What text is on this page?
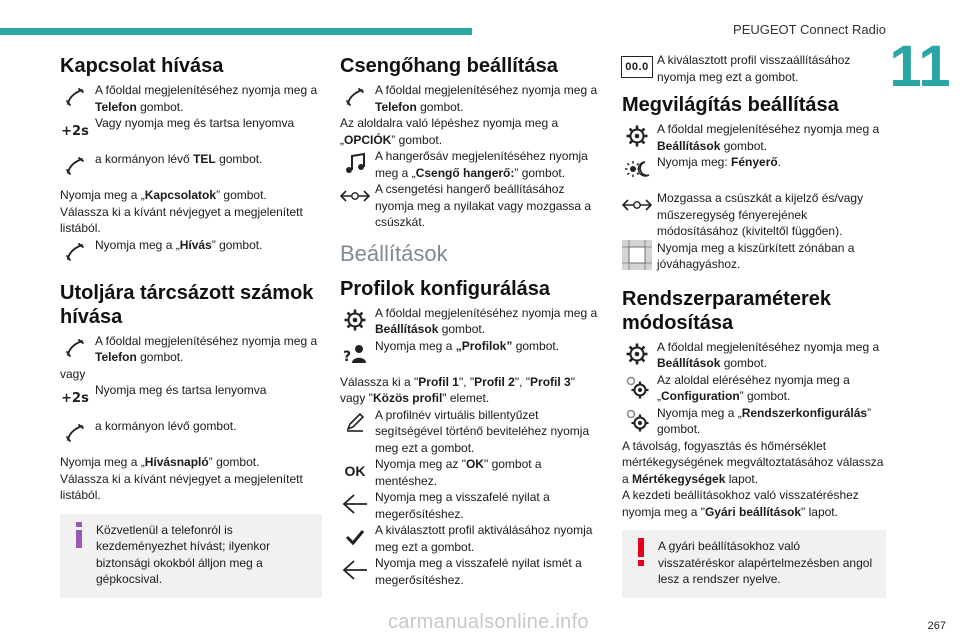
PEUGEOT Connect Radio
11
Kapcsolat hívása
A főoldal megjelenítéséhez nyomja meg a Telefon gombot.
+2s
Vagy nyomja meg és tartsa lenyomva
a kormányon lévő TEL gombot.

Nyomja meg a „Kapcsolatok” gombot.

Válassza ki a kívánt névjegyet a megjelenített listából.

Nyomja meg a „Hívás” gombot.
Utoljára tárcsázott számok hívása
A főoldal megjelenítéséhez nyomja meg a Telefon gombot.

vagy

+2s
Nyomja meg és tartsa lenyomva
a kormányon lévő gombot.

Nyomja meg a „Hívásnapló” gombot.

Válassza ki a kívánt névjegyet a megjelenített listából.

Közvetlenül a telefonról is kezdeményezhet hívást; ilyenkor biztonsági okokból álljon meg a gépkocsival.
Csengőhang beállítása
A főoldal megjelenítéséhez nyomja meg a Telefon gombot.

Az aloldalra való lépéshez nyomja meg a „OPCIÓK” gombot.

A hangerősáv megjelenítéséhez nyomja meg a „Csengő hangerő:” gombot.
A csengetési hangerő beállításához nyomja meg a nyilakat vagy mozgassa a csúszkát.
Beállítások
Profilok konfigurálása
A főoldal megjelenítéséhez nyomja meg a Beállítások gombot.
?
Nyomja meg a „Profilok” gombot.

Válassza ki a "Profil 1", "Profil 2", "Profil 3" vagy "Közös profil" elemet.

A profilnév virtuális billentyűzet segítségével történő beviteléhez nyomja meg ezt a gombot.
OK Nyomja meg az "OK" gombot a mentéshez.
Nyomja meg a visszafelé nyilat a megerősítéshez.
A kiválasztott profil aktiválásához nyomja meg ezt a gombot.
Nyomja meg a visszafelé nyilat ismét a megerősítéshez.
00.0 A kiválasztott profil visszaállításához nyomja meg ezt a gombot.
Megvilágítás beállítása
A főoldal megjelenítéséhez nyomja meg a Beállítások gombot.
Nyomja meg: Fényerő.
Mozgassa a csúszkát a kijelző és/vagy műszeregység fényerejének módosításához (kiviteltől függően).
Nyomja meg a kiszürkített zónában a jóváhagyáshoz.
Rendszerparaméterek módosítása
A főoldal megjelenítéséhez nyomja meg a Beállítások gombot.
Az aloldal eléréséhez nyomja meg a „Configuration” gombot.
Nyomja meg a „Rendszerkonfigurálás” gombot.

A távolság, fogyasztás és hőmérséklet mértékegységének megváltoztatásához válassza a Mértékegységek lapot.

A kezdeti beállításokhoz való visszatéréshez nyomja meg a "Gyári beállítások" lapot.

A gyári beállításokhoz való visszatéréskor alapértelmezésben angol lesz a rendszer nyelve.
carmanualsonline.info	267
